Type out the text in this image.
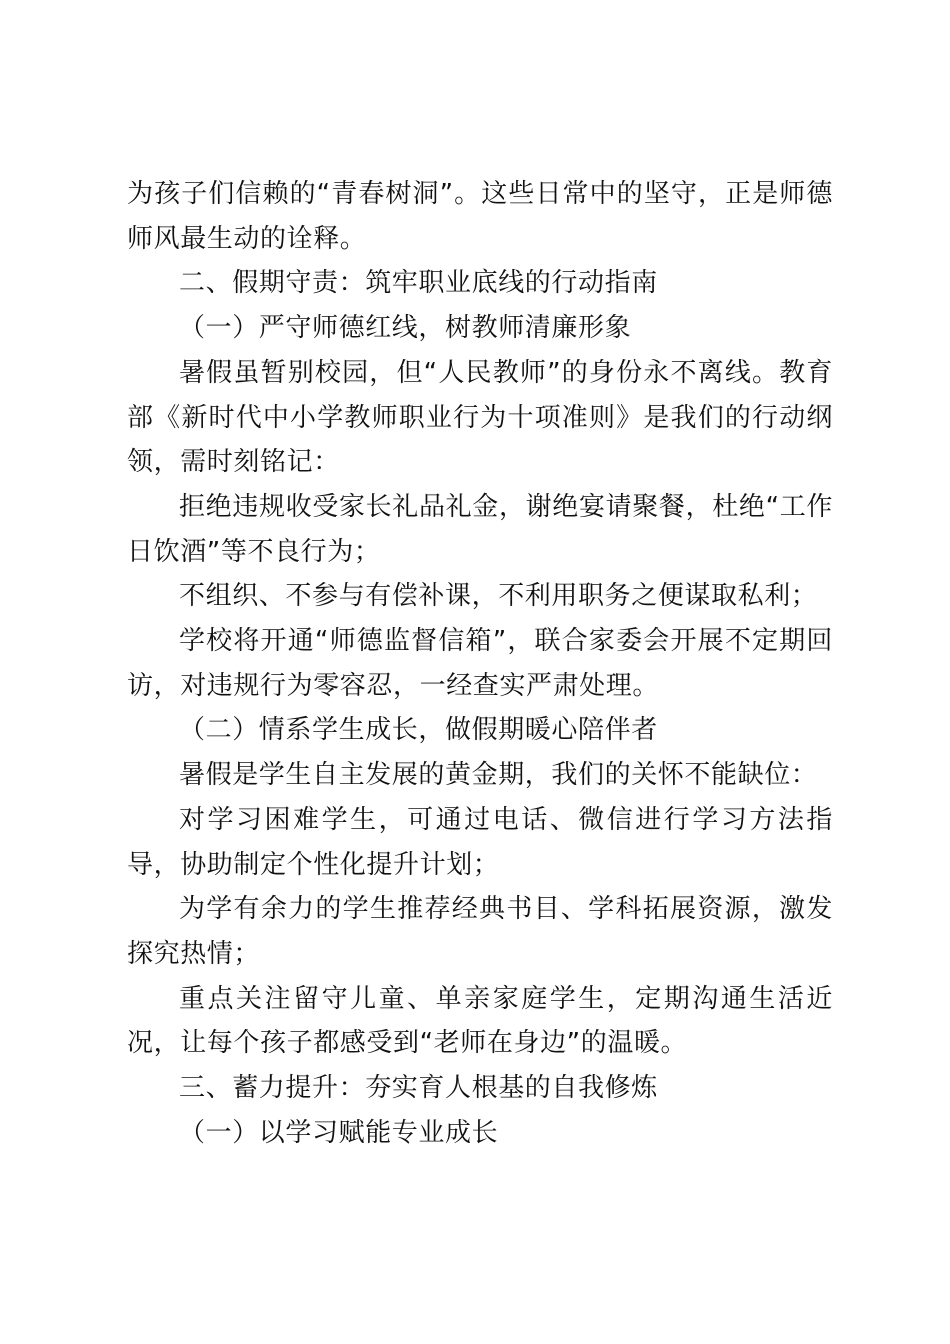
为孩子们信赖的“青春树洞”。这些日常中的坚守，正是师德师风最生动的诠释。

二、假期守责：筑牢职业底线的行动指南

（一）严守师德红线，树教师清廉形象

暑假虽暂别校园，但“人民教师”的身份永不离线。教育部《新时代中小学教师职业行为十项准则》是我们的行动纲领，需时刻铭记：

拒绝违规收受家长礼品礼金，谢绝宴请聚餐，杜绝“工作日饮酒”等不良行为；

不组织、不参与有偿补课，不利用职务之便谋取私利；

学校将开通“师德监督信箱”，联合家委会开展不定期回访，对违规行为零容忍，一经查实严肃处理。

（二）情系学生成长，做假期暖心陪伴者

暑假是学生自主发展的黄金期，我们的关怀不能缺位：

对学习困难学生，可通过电话、微信进行学习方法指导，协助制定个性化提升计划；

为学有余力的学生推荐经典书目、学科拓展资源，激发探究热情；

重点关注留守儿童、单亲家庭学生，定期沟通生活近况，让每个孩子都感受到“老师在身边”的温暖。

三、蓄力提升：夯实育人根基的自我修炼

（一）以学习赋能专业成长
